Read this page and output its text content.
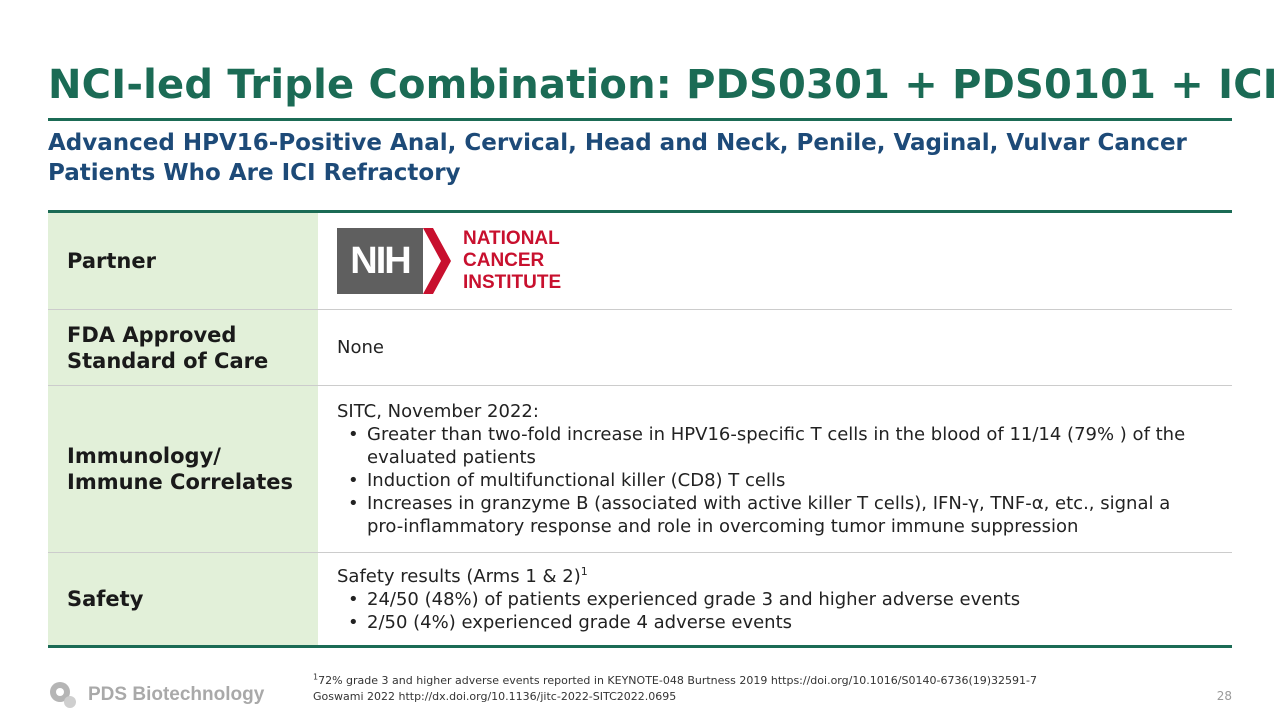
NCI-led Triple Combination: PDS0301 + PDS0101 + ICI
Advanced HPV16-Positive Anal, Cervical, Head and Neck, Penile, Vaginal, Vulvar Cancer Patients Who Are ICI Refractory
Partner	NIH
NATIONAL
CANCER
INSTITUTE
FDA Approved Standard of Care
None
Immunology/ Immune Correlates
SITC, November 2022:
• Greater than two-fold increase in HPV16-specific T cells in the blood of 11/14 (79% ) of the evaluated patients
• Induction of multifunctional killer (CD8) T cells
• Increases in granzyme B (associated with active killer T cells), IFN-γ, TNF-α, etc., signal a pro-inflammatory response and role in overcoming tumor immune suppression
Safety
Safety results (Arms 1 & 2)$^1$
• 24/50 (48%) of patients experienced grade 3 and higher adverse events
• 2/50 (4%) experienced grade 4 adverse events
PDS Biotechnology
$^1$72% grade 3 and higher adverse events reported in KEYNOTE-048 Burtness 2019 https://doi.org/10.1016/S0140-6736(19)32591-7
Goswami 2022 http://dx.doi.org/10.1136/jitc-2022-SITC2022.0695	28
